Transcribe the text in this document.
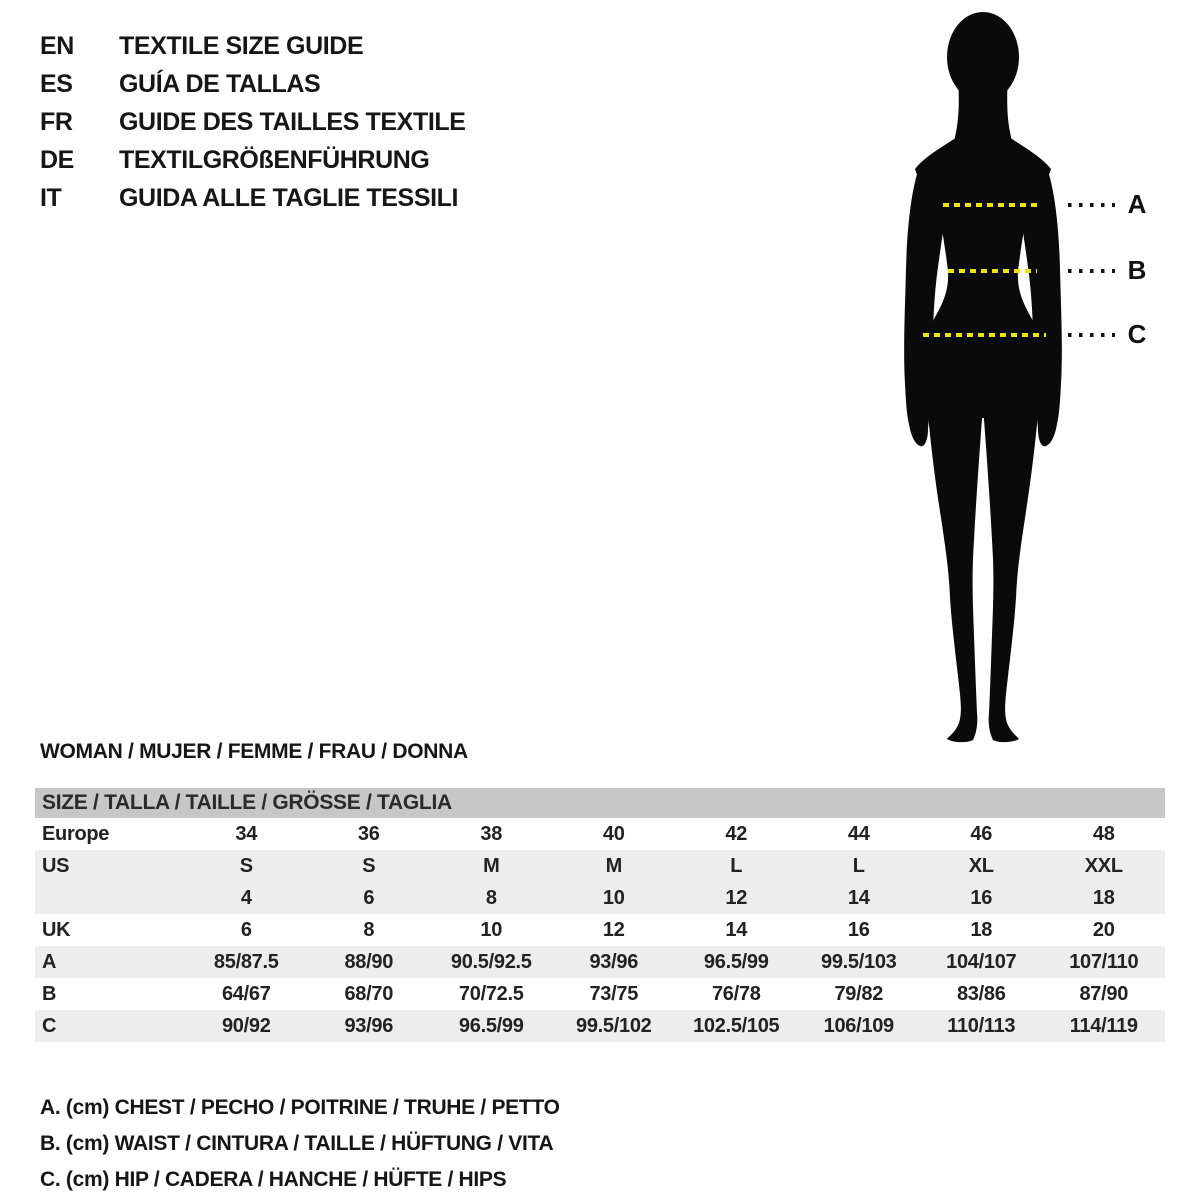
EN	TEXTILE SIZE GUIDE
ES	GUÍA DE TALLAS
FR	GUIDE DES TAILLES TEXTILE
DE	TEXTILGRÖßENFÜHRUNG
IT	GUIDA ALLE TAGLIE TESSILI	A
B
C
WOMAN / MUJER / FEMME / FRAU / DONNA
SIZE / TALLA / TAILLE / GRÖSSE / TAGLIA
Europe	34	36	38	40	42	44	46	48
US	S	S	M	M	L	L	XL	XXL
4	6	8	10	12	14	16	18
UK	6	8	10	12	14	16	18	20
A	85/87.5	88/90	90.5/92.5	93/96	96.5/99	99.5/103	104/107	107/110
B	64/67	68/70	70/72.5	73/75	76/78	79/82	83/86	87/90
C	90/92	93/96	96.5/99	99.5/102	102.5/105	106/109	110/113	114/119
A. (cm) CHEST / PECHO / POITRINE / TRUHE / PETTO
B. (cm) WAIST / CINTURA / TAILLE / HÜFTUNG / VITA
C. (cm) HIP / CADERA / HANCHE / HÜFTE / HIPS
